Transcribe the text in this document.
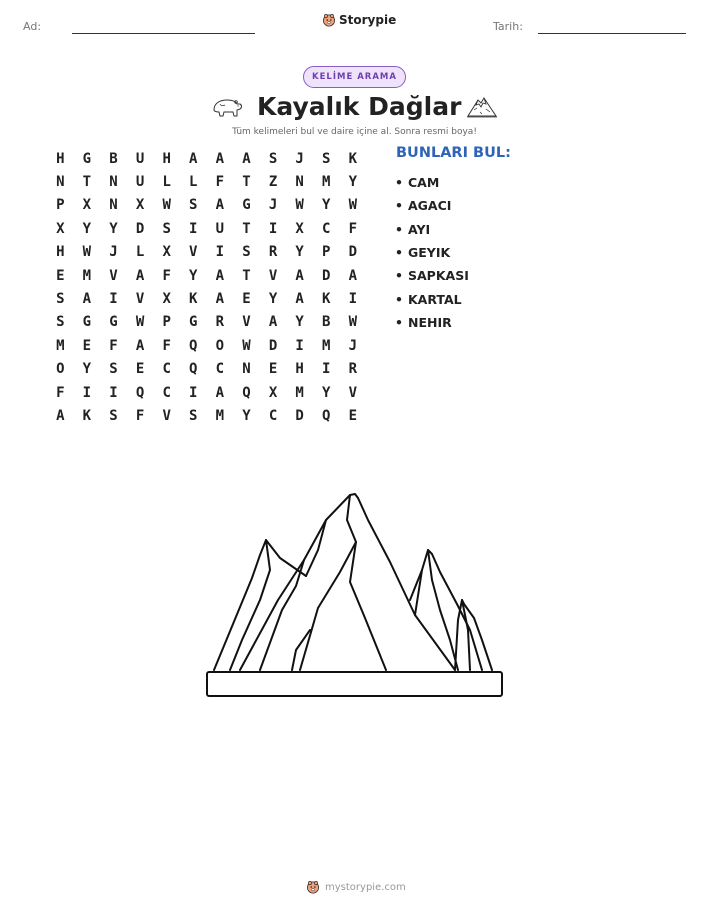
Ad:	Storypie	Tarih:
KELİME ARAMA
Kayalık Dağlar
Tüm kelimeleri bul ve daire içine al. Sonra resmi boya!
H	G	B	U	H	A	A	A	S	J	S	K
N	T	N	U	L	L	F	T	Z	N	M	Y
P	X	N	X	W	S	A	G	J	W	Y	W
X	Y	Y	D	S	I	U	T	I	X	C	F
H	W	J	L	X	V	I	S	R	Y	P	D
E	M	V	A	F	Y	A	T	V	A	D	A
S	A	I	V	X	K	A	E	Y	A	K	I
S	G	G	W	P	G	R	V	A	Y	B	W
M	E	F	A	F	Q	O	W	D	I	M	J
O	Y	S	E	C	Q	C	N	E	H	I	R
F	I	I	Q	C	I	A	Q	X	M	Y	V
A	K	S	F	V	S	M	Y	C	D	Q	E
BUNLARI BUL:
• CAM
• AGACI
• AYI
• GEYIK
• SAPKASI
• KARTAL
• NEHIR
mystorypie.com
